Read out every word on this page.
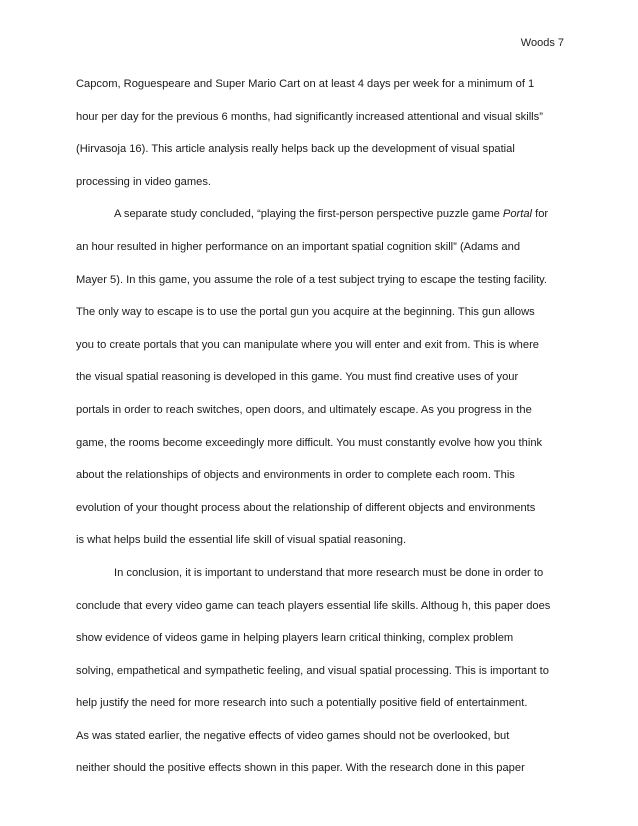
Woods 7
Capcom, Roguespeare and Super Mario Cart on at least 4 days per week for a minimum of 1
hour per day for the previous 6 months, had significantly increased attentional and visual skills”
(Hirvasoja 16). This article analysis really helps back up the development of visual spatial
processing in video games.
A separate study concluded, “playing the first-person perspective puzzle game Portal for
an hour resulted in higher performance on an important spatial cognition skill” (Adams and
Mayer 5). In this game, you assume the role of a test subject trying to escape the testing facility.
The only way to escape is to use the portal gun you acquire at the beginning. This gun allows
you to create portals that you can manipulate where you will enter and exit from. This is where
the visual spatial reasoning is developed in this game. You must find creative uses of your
portals in order to reach switches, open doors, and ultimately escape. As you progress in the
game, the rooms become exceedingly more difficult. You must constantly evolve how you think
about the relationships of objects and environments in order to complete each room. This
evolution of your thought process about the relationship of different objects and environments
is what helps build the essential life skill of visual spatial reasoning.
In conclusion, it is important to understand that more research must be done in order to
conclude that every video game can teach players essential life skills. Althoug h, this paper does
show evidence of videos game in helping players learn critical thinking, complex problem
solving, empathetical and sympathetic feeling, and visual spatial processing. This is important to
help justify the need for more research into such a potentially positive field of entertainment.
As was stated earlier, the negative effects of video games should not be overlooked, but
neither should the positive effects shown in this paper. With the research done in this paper
